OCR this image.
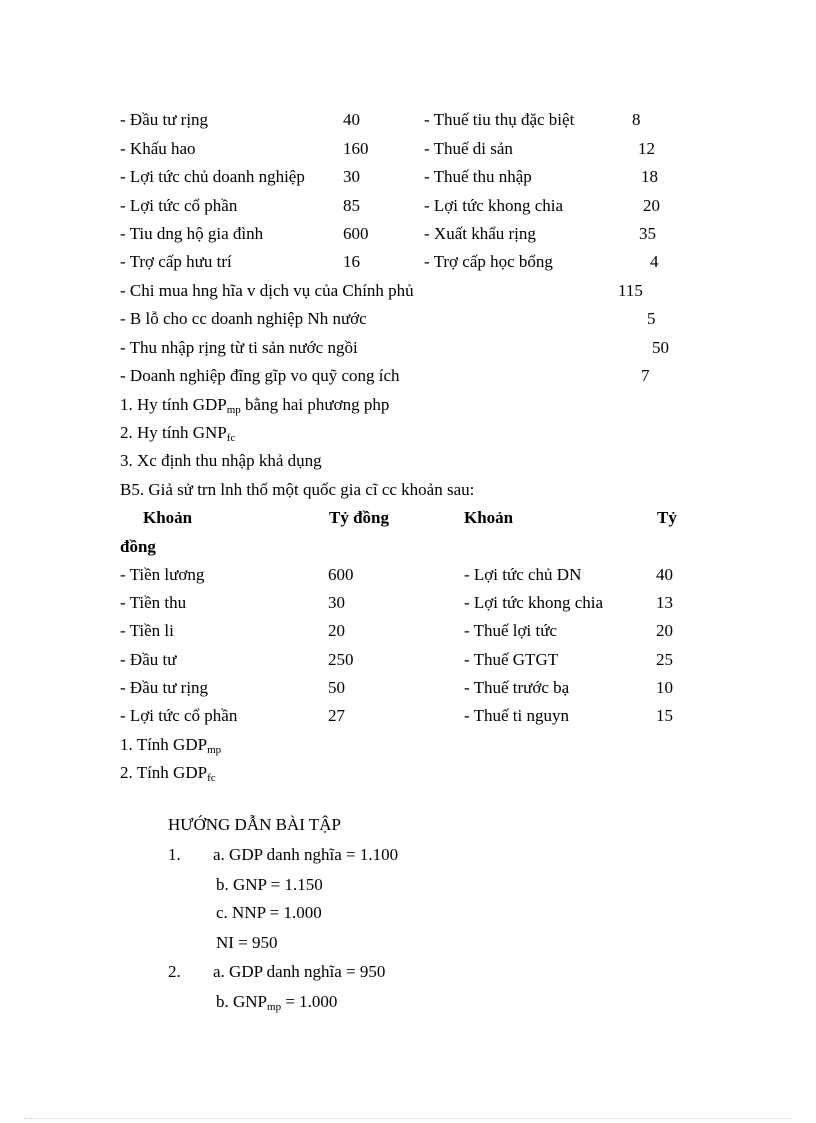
- Đầu tư rịng	40	- Thuế tiu thụ đặc biệt	8
- Khấu hao	160	- Thuế di sản	12
- Lợi tức chủ doanh nghiệp 30	- Thuế thu nhập	18
- Lợi tức cổ phần	85	- Lợi tức khong chia	20
- Tiu dng hộ gia đình	600	- Xuất khẩu rịng	35
- Trợ cấp hưu trí	16	- Trợ cấp học bổng	4
- Chi mua hng hĩa v dịch vụ của Chính phủ	115
- B lỗ cho cc doanh nghiệp Nh nước	5
- Thu nhập rịng từ ti sản nước ngồi	50
- Doanh nghiệp đĩng gĩp vo quỹ cong ích	7
1. Hy tính $GDP_{mp}$ bằng hai phương php
2. Hy tính $GNP_{fc}$
3. Xc định thu nhập khả dụng
B5. Giả sử trn lnh thổ một quốc gia cĩ cc khoản sau:
Khoản	Tỷ đồng	Khoản	Tỷ
đồng
- Tiền lương	600	- Lợi tức chủ DN	40
- Tiền thu	30	- Lợi tức khong chia	13
- Tiền li	20	- Thuế lợi tức	20
- Đầu tư	250	- Thuế GTGT	25
- Đầu tư rịng	50	- Thuế trước bạ	10
- Lợi tức cổ phần	27	- Thuế ti nguyn	15
1. Tính $GDP_{mp}$
2. Tính $GDP_{fc}$
HƯỚNG DẪN BÀI TẬP
1. a. GDP danh nghĩa = 1.100
b. GNP = 1.150
c. NNP = 1.000
NI = 950
2. a. GDP danh nghĩa = 950
b. $GNP_{mp} = 1.000$
